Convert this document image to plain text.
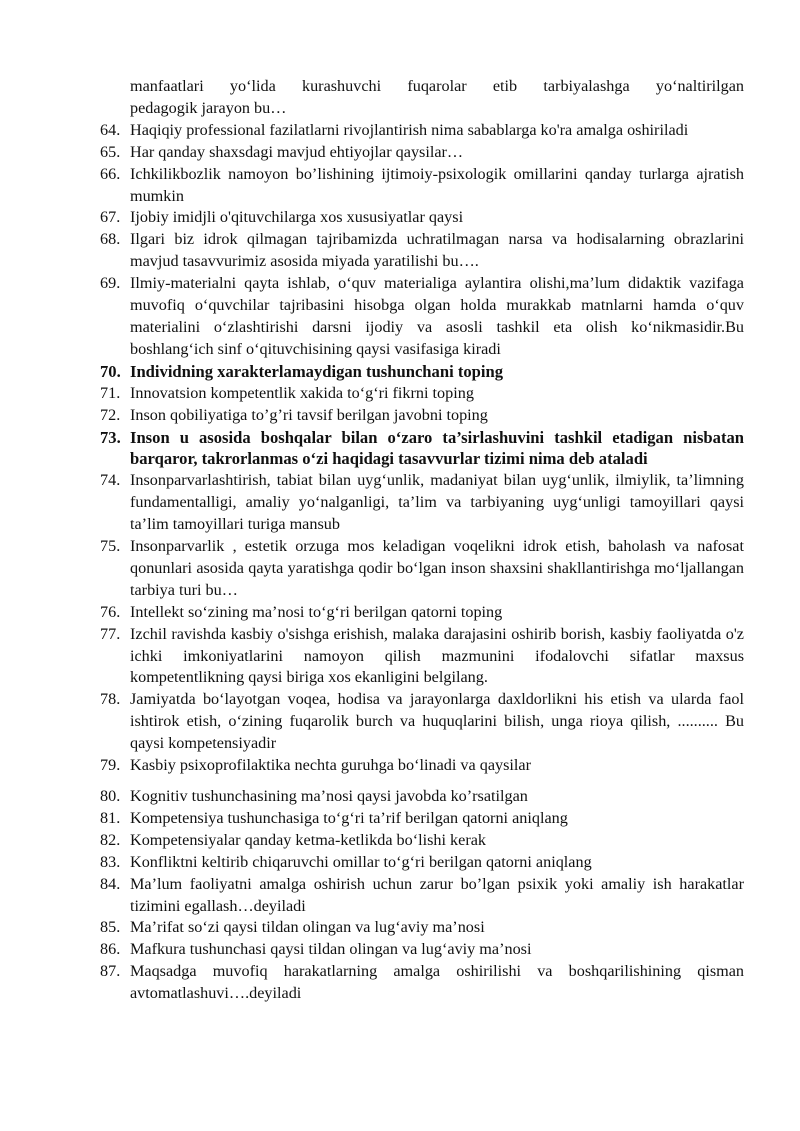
manfaatlari yo‘lida kurashuvchi fuqarolar etib tarbiyalashga yo‘naltirilgan
pedagogik jarayon bu…
64. Haqiqiy professional fazilatlarni rivojlantirish nima sabablarga ko'ra amalga oshiriladi
65. Har qanday shaxsdagi mavjud ehtiyojlar qaysilar…
66. Ichkilikbozlik namoyon bo’lishining ijtimoiy-psixologik omillarini qanday turlarga ajratish mumkin
67. Ijobiy imidjli o'qituvchilarga xos xususiyatlar qaysi
68. Ilgari biz idrok qilmagan tajribamizda uchratilmagan narsa va hodisalarning obrazlarini mavjud tasavvurimiz asosida miyada yaratilishi bu….
69. Ilmiy-materialni qayta ishlab, o‘quv materialiga aylantira olishi,ma’lum didaktik vazifaga muvofiq o‘quvchilar tajribasini hisobga olgan holda murakkab matnlarni hamda o‘quv materialini o‘zlashtirishi darsni ijodiy va asosli tashkil eta olish ko‘nikmasidir.Bu boshlang‘ich sinf o‘qituvchisining qaysi vasifasiga kiradi
70. Individning xarakterlamaydigan tushunchani toping
71. Innovatsion kompetentlik xakida to‘g‘ri fikrni toping
72. Inson qobiliyatiga to’g’ri tavsif berilgan javobni toping
73. Inson u asosida boshqalar bilan o‘zaro ta’sirlashuvini tashkil etadigan nisbatan barqaror, takrorlanmas o‘zi haqidagi tasavvurlar tizimi nima deb ataladi
74. Insonparvarlashtirish, tabiat bilan uyg‘unlik, madaniyat bilan uyg‘unlik, ilmiylik, ta’limning fundamentalligi, amaliy yo‘nalganligi, ta’lim va tarbiyaning uyg‘unligi tamoyillari qaysi ta’lim tamoyillari turiga mansub
75. Insonparvarlik , estetik orzuga mos keladigan voqelikni idrok etish, baholash va nafosat qonunlari asosida qayta yaratishga qodir bo‘lgan inson shaxsini shakllantirishga mo‘ljallangan tarbiya turi bu…
76. Intellekt so‘zining ma’nosi to‘g‘ri berilgan qatorni toping
77. Izchil ravishda kasbiy o'sishga erishish, malaka darajasini oshirib borish, kasbiy faoliyatda o'z ichki imkoniyatlarini namoyon qilish mazmunini ifodalovchi sifatlar maxsus kompetentlikning qaysi biriga xos ekanligini belgilang.
78. Jamiyatda bo‘layotgan voqea, hodisa va jarayonlarga daxldorlikni his etish va ularda faol ishtirok etish, o‘zining fuqarolik burch va huquqlarini bilish, unga rioya qilish, .......... Bu qaysi kompetensiyadir
79. Kasbiy psixoprofilaktika nechta guruhga bo‘linadi va qaysilar
80. Kognitiv tushunchasining ma’nosi qaysi javobda ko’rsatilgan
81. Kompetensiya tushunchasiga to‘g‘ri ta’rif berilgan qatorni aniqlang
82. Kompetensiyalar qanday ketma-ketlikda bo‘lishi kerak
83. Konfliktni keltirib chiqaruvchi omillar to‘g‘ri berilgan qatorni aniqlang
84. Ma’lum faoliyatni amalga oshirish uchun zarur bo’lgan psixik yoki amaliy ish harakatlar tizimini egallash…deyiladi
85. Ma’rifat so‘zi qaysi tildan olingan va lug‘aviy ma’nosi
86. Mafkura tushunchasi qaysi tildan olingan va lug‘aviy ma’nosi
87. Maqsadga muvofiq harakatlarning amalga oshirilishi va boshqarilishining qisman avtomatlashuvi….deyiladi
